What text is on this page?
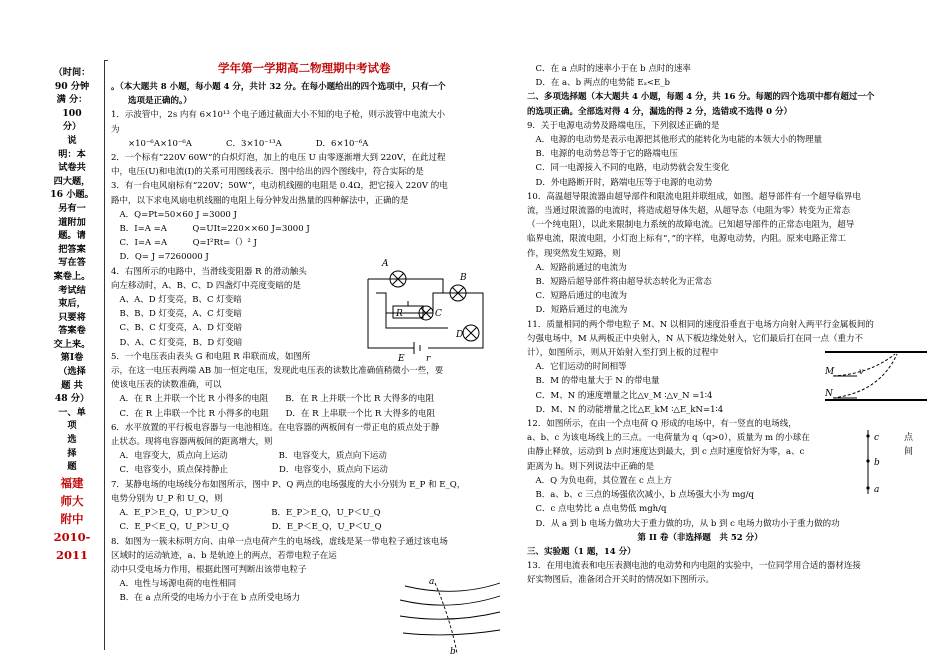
（时间：
90 分钟
满 分：
100
分）
说
明：本
试卷共
四大题，
16 小题。
另有一
道附加
题。请
把答案
写在答
案卷上。
考试结
束后，
只要将
答案卷
交上来。
第Ⅰ卷
（选择
题 共
48 分）
一、单
项
选
择
题
福建
师大
附中
2010-
2011
学年第一学期高二物理期中考试卷

。（本大题共 8 小题，每小题 4 分，共计 32 分。在每小题给出的四个选项中，只有一个

　　选项是正确的。）

1．示波管中，2s 内有 6×10¹³ 个电子通过截面大小不知的电子枪，则示波管中电流大小

为

　　×10⁻⁶A×10⁻⁶A　　　　C．3×10⁻¹³A　　　　D．6×10⁻⁶A

2．一个标有“220V 60W”的白炽灯泡，加上的电压 U 由零逐渐增大到 220V，在此过程

中，电压(U)和电流(I)的关系可用图线表示．图中给出的四个图线中，符合实际的是

3．有一台电风扇标有“220V；50W”，电动机线圈的电阻是 0.4Ω，把它接入 220V 的电

路中，以下求电风扇电机线圈的电阻上每分钟发出热量的四种解法中，正确的是

　A．Q=Pt=50×60 J =3000 J

　B．I=A =A　　　Q=UIt=220××60 J=3000 J

　C．I=A =A　　　Q=I²Rt=（）² J

　D．Q= J =7260000 J

4．右图所示的电路中，当滑线变阻器 R 的滑动触头

向左移动时，A、B、C、D 四盏灯中亮度变暗的是

　A、A、D 灯变亮，B、C 灯变暗

　B、B、D 灯变亮，A、C 灯变暗

　C、B、C 灯变亮，A、D 灯变暗

　D、A、C 灯变亮，B、D 灯变暗

5．一个电压表由表头 G 和电阻 R 串联而成，如图所

示，在这一电压表两端 AB 加一恒定电压，发现此电压表的读数比准确值稍微小一些，要

使该电压表的读数准确，可以

　A．在 R 上并联一个比 R 小得多的电阻　　B．在 R 上并联一个比 R 大得多的电阻

　C．在 R 上串联一个比 R 小得多的电阻　　D．在 R 上串联一个比 R 大得多的电阻

6．水平放置的平行板电容器与一电池相连。在电容器的两板间有一带正电的质点处于静

止状态。现将电容器两板间的距离增大，则

　A．电容变大，质点向上运动　　　　　　B．电容变大，质点向下运动

　C．电容变小，质点保持静止　　　　　　D．电容变小，质点向下运动

7．某静电场的电场线分布如图所示，图中 P、Q 两点的电场强度的大小分别为 E_P 和 E_Q，

电势分别为 U_P 和 U_Q，则

　A．E_P＞E_Q，U_P＞U_Q　　　　　B．E_P＞E_Q，U_P＜U_Q

　C．E_P＜E_Q，U_P＞U_Q　　　　　D．E_P＜E_Q，U_P＜U_Q

8．如图为一簇未标明方向、由单一点电荷产生的电场线，虚线是某一带电粒子通过该电场

区域时的运动轨迹，a、b 是轨迹上的两点，若带电粒子在运

动中只受电场力作用，根据此图可判断出该带电粒子

　A．电性与场源电荷的电性相同

　B．在 a 点所受的电场力小于在 b 点所受电场力

　C．在 a 点时的速率小于在 b 点时的速率

　D．在 a、b 两点的电势能 Eₐ<E_b

二、多项选择题（本大题共 4 小题，每题 4 分，共 16 分。每题的四个选项中都有超过一个

的选项正确。全部选对得 4 分，漏选的得 2 分，选错或不选得 0 分）

9．关于电源电动势及路端电压，下列叙述正确的是

　A．电源的电动势是表示电源把其他形式的能转化为电能的本领大小的物理量

　B．电源的电动势总等于它的路端电压

　C．同一电源接入不同的电路，电动势就会发生变化

　D．外电路断开时，路端电压等于电源的电动势

10．高温超导限流器由超导部件和限流电阻并联组成，如图。超导部件有一个超导临界电

流，当通过限流器的电流时，将造成超导体失超，从超导态（电阻为零）转变为正常态

（一个纯电阻），以此来限制电力系统的故障电流。已知超导部件的正常态电阻为，超导

临界电流，限流电阻，小灯泡上标有“，”的字样，电源电动势，内阻。原来电路正常工

作，现突然发生短路，则

　A．短路前通过的电流为

　B．短路后超导部件将由超导状态转化为正常态

　C．短路后通过的电流为

　D．短路后通过的电流为

11．质量相同的两个带电粒子 M、N 以相同的速度沿垂直于电场方向射入两平行金属板间的

匀强电场中，M 从两板正中央射入，N 从下板边缘处射入，它们最后打在同一点（重力不

计），如图所示，则从开始射入至打到上板的过程中

　A．它们运动的时间相等

　B．M 的带电量大于 N 的带电量

　C．M、N 的速度增量之比△v_M ∶△v_N =1∶4

　D．M、N 的动能增量之比△E_kM ∶△E_kN=1∶4

12．如图所示，在由一个点电荷 Q 形成的电场中，有一竖直的电场线，

a、b、c 为该电场线上的三点。一电荷量为 q（q>0），质量为 m 的小球在

由静止释放，运动到 b 点时速度达到最大，到 c 点时速度恰好为零，a、c

距离为 h。则下列说法中正确的是

　A．Q 为负电荷，其位置在 c 点上方

　B．a、b、c 三点的场强依次减小，b 点场强大小为 mg/q

　C．c 点电势比 a 点电势低 mgh/q

　D．从 a 到 b 电场力做功大于重力做的功，从 b 到 c 电场力做功小于重力做的功

　　　　　　　　　　　　　第 II 卷（非选择题　共 52 分）

三、实验题（1 题，14 分）

13．在用电流表和电压表测电池的电动势和内电阻的实验中，一位同学用合适的器材连接

好实物图后，准备闭合开关时的情况如下图所示。

A
B
C
D
R
E r
a
b
M
N
v
c
b
a
点
间
